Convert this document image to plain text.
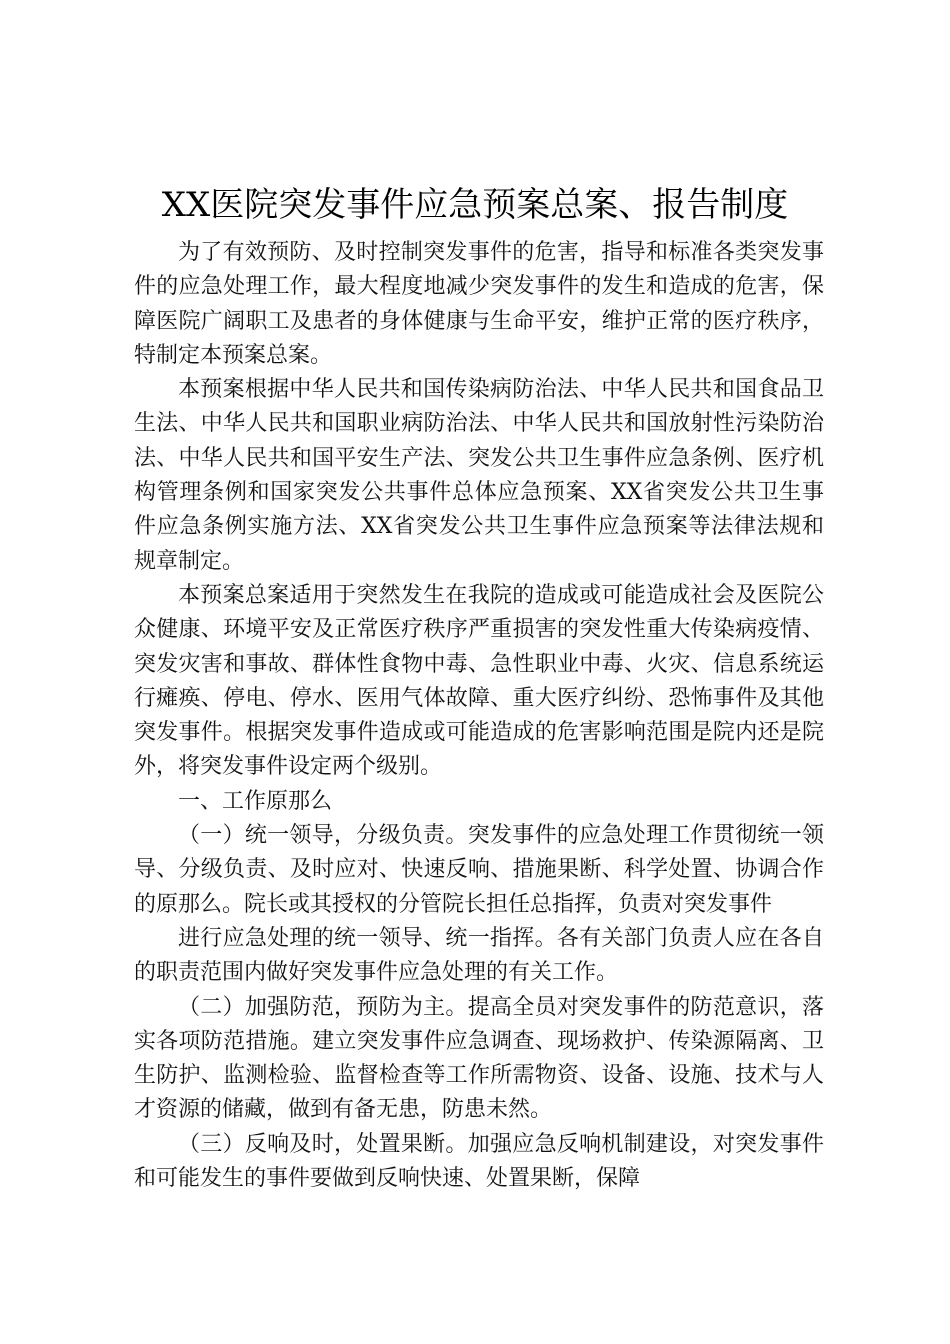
XX医院突发事件应急预案总案、报告制度

为了有效预防、及时控制突发事件的危害，指导和标准各类突发事件的应急处理工作，最大程度地减少突发事件的发生和造成的危害，保障医院广阔职工及患者的身体健康与生命平安，维护正常的医疗秩序，特制定本预案总案。

本预案根据中华人民共和国传染病防治法、中华人民共和国食品卫生法、中华人民共和国职业病防治法、中华人民共和国放射性污染防治法、中华人民共和国平安生产法、突发公共卫生事件应急条例、医疗机构管理条例和国家突发公共事件总体应急预案、XX省突发公共卫生事件应急条例实施方法、XX省突发公共卫生事件应急预案等法律法规和规章制定。

本预案总案适用于突然发生在我院的造成或可能造成社会及医院公众健康、环境平安及正常医疗秩序严重损害的突发性重大传染病疫情、突发灾害和事故、群体性食物中毒、急性职业中毒、火灾、信息系统运行瘫痪、停电、停水、医用气体故障、重大医疗纠纷、恐怖事件及其他突发事件。根据突发事件造成或可能造成的危害影响范围是院内还是院外，将突发事件设定两个级别。

一、工作原那么

（一）统一领导，分级负责。突发事件的应急处理工作贯彻统一领导、分级负责、及时应对、快速反响、措施果断、科学处置、协调合作的原那么。院长或其授权的分管院长担任总指挥，负责对突发事件

进行应急处理的统一领导、统一指挥。各有关部门负责人应在各自的职责范围内做好突发事件应急处理的有关工作。

（二）加强防范，预防为主。提高全员对突发事件的防范意识，落实各项防范措施。建立突发事件应急调查、现场救护、传染源隔离、卫生防护、监测检验、监督检查等工作所需物资、设备、设施、技术与人才资源的储藏，做到有备无患，防患未然。

（三）反响及时，处置果断。加强应急反响机制建设，对突发事件和可能发生的事件要做到反响快速、处置果断，保障
